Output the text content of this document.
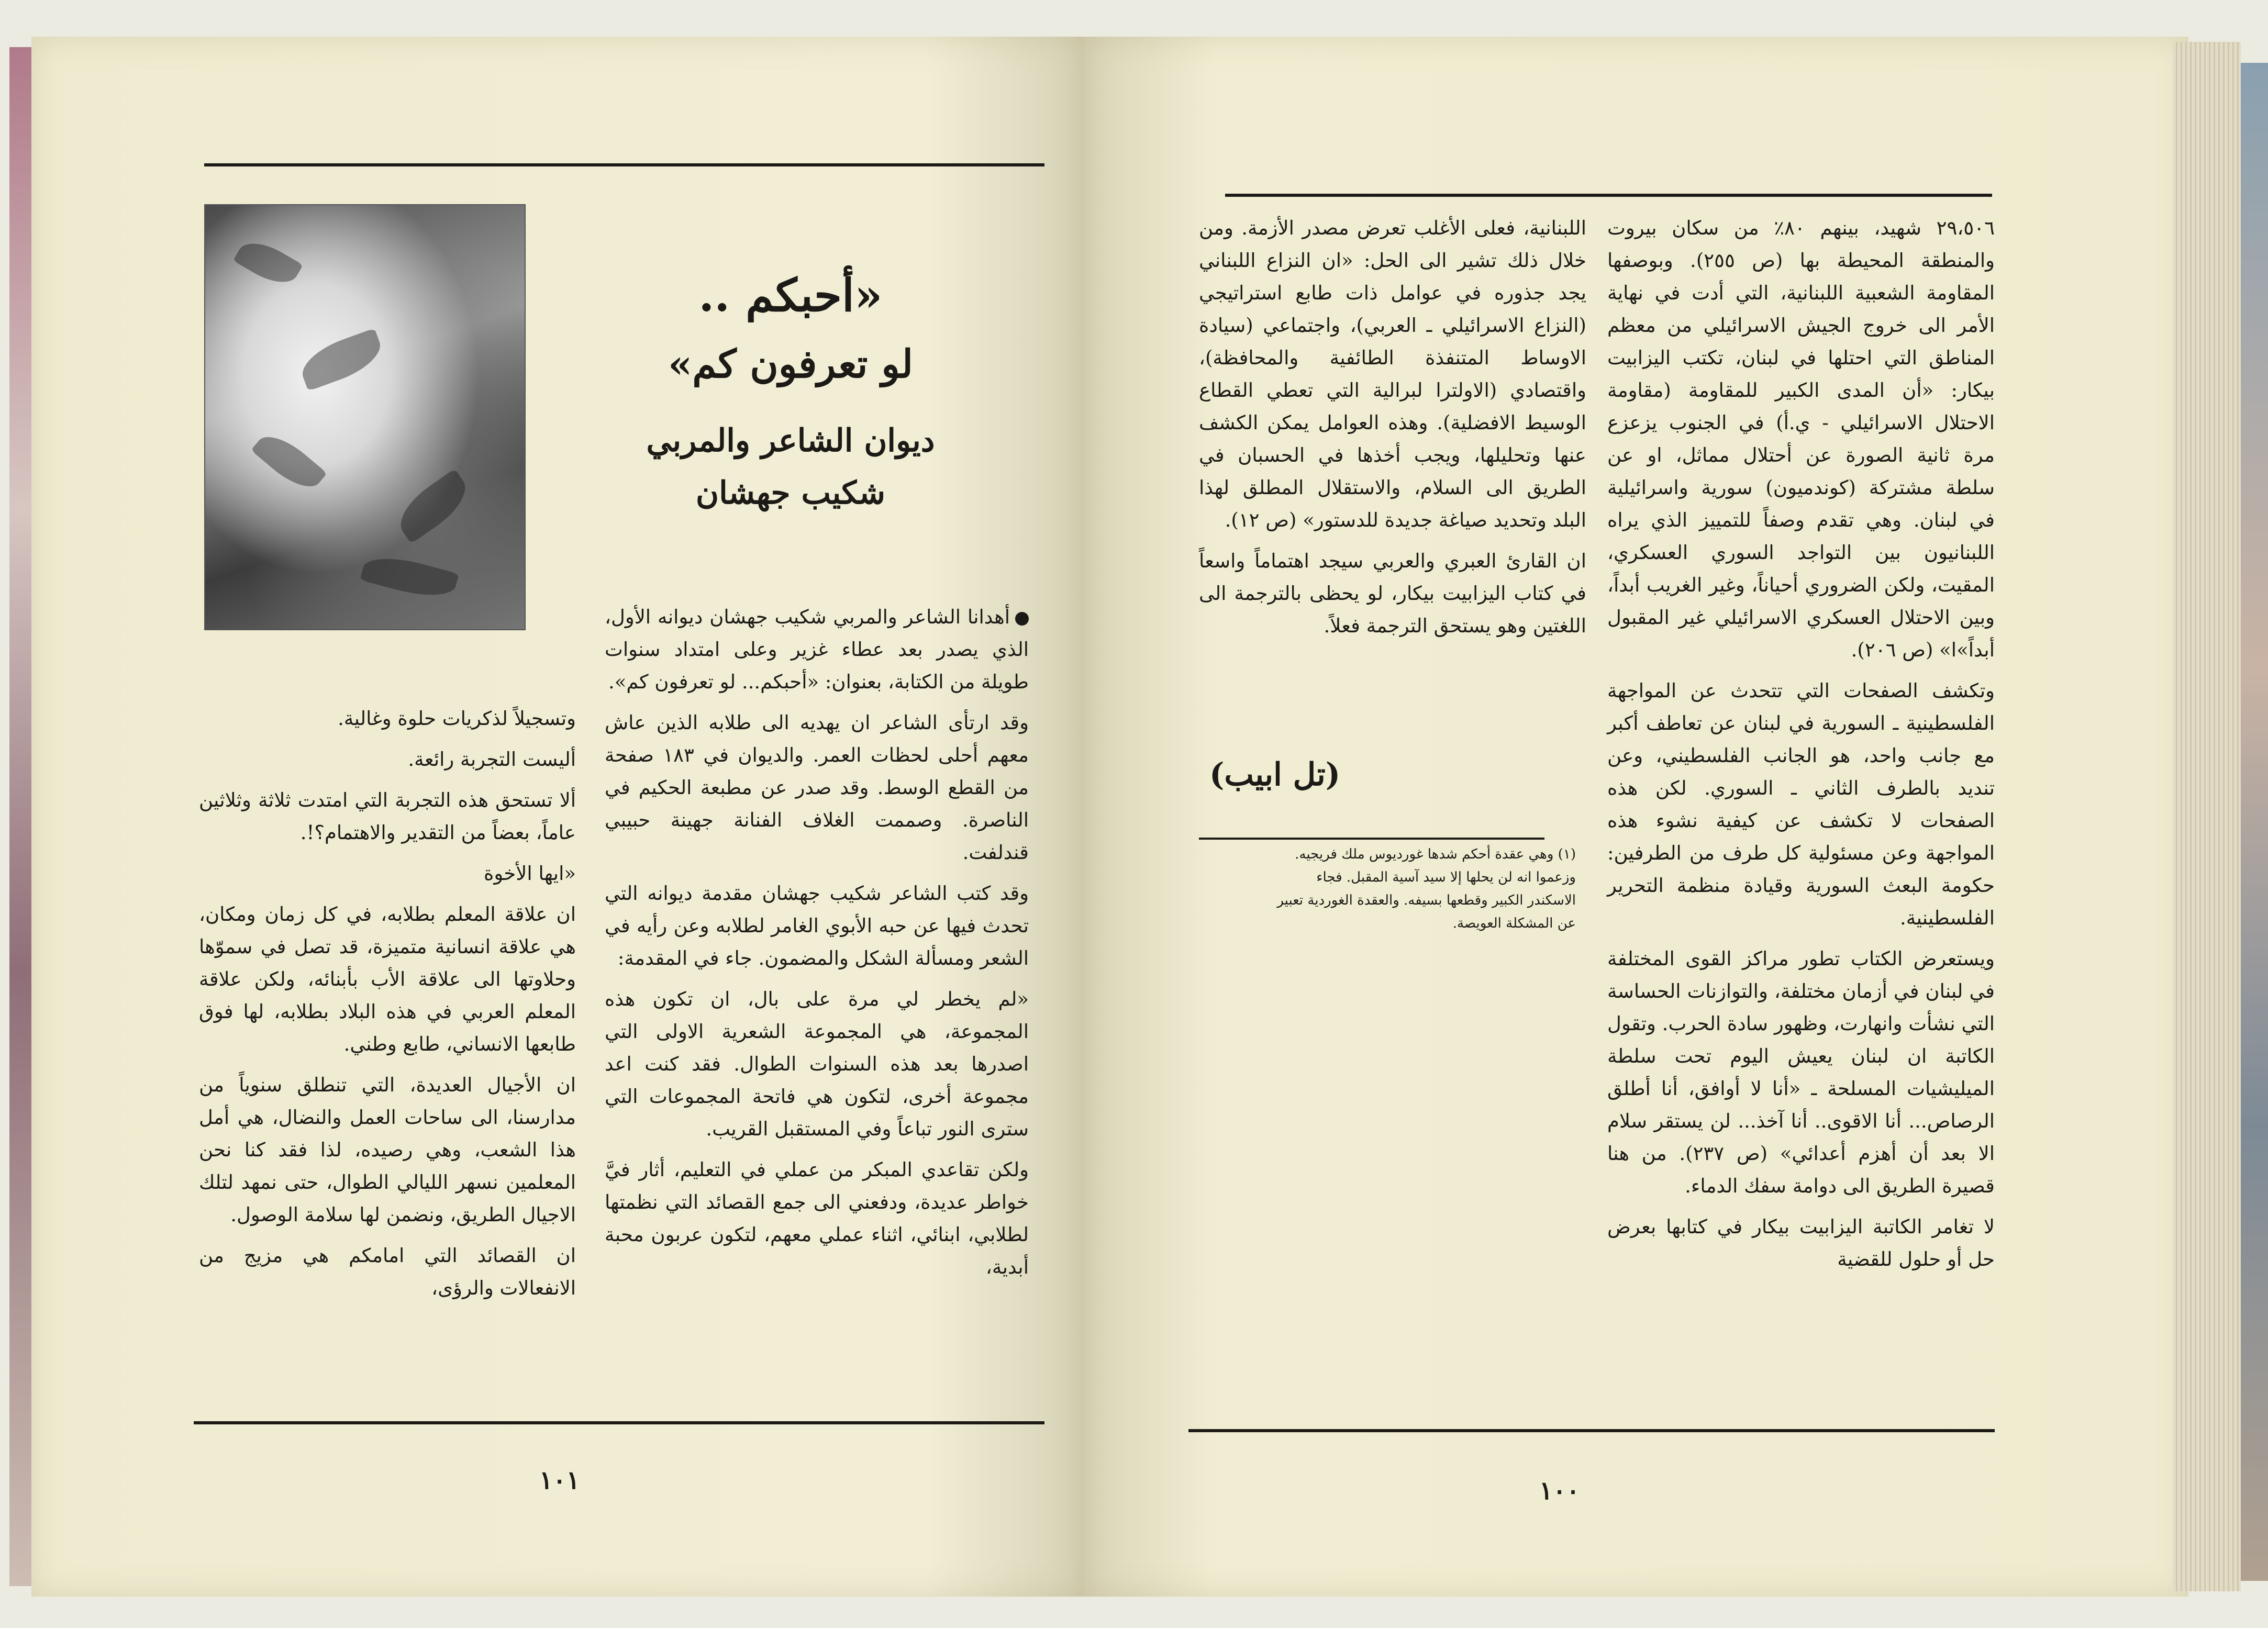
«أحبكم ..
لو تعرفون كم»
ديوان الشاعر والمربي
شكيب جهشان

أهدانا الشاعر والمربي شكيب جهشان ديوانه الأول، الذي يصدر بعد عطاء غزير وعلى امتداد سنوات طويلة من الكتابة، بعنوان: «أحبكم... لو تعرفون كم».

وقد ارتأى الشاعر ان يهديه الى طلابه الذين عاش معهم أحلى لحظات العمر. والديوان في ١٨٣ صفحة من القطع الوسط. وقد صدر عن مطبعة الحكيم في الناصرة. وصممت الغلاف الفنانة جهينة حبيبي قندلفت.

وقد كتب الشاعر شكيب جهشان مقدمة ديوانه التي تحدث فيها عن حبه الأبوي الغامر لطلابه وعن رأيه في الشعر ومسألة الشكل والمضمون. جاء في المقدمة:

«لم يخطر لي مرة على بال، ان تكون هذه المجموعة، هي المجموعة الشعرية الاولى التي اصدرها بعد هذه السنوات الطوال. فقد كنت اعد مجموعة أخرى، لتكون هي فاتحة المجموعات التي سترى النور تباعاً وفي المستقبل القريب.

ولكن تقاعدي المبكر من عملي في التعليم، أثار فيَّ خواطر عديدة، ودفعني الى جمع القصائد التي نظمتها لطلابي، ابنائي، اثناء عملي معهم، لتكون عربون محبة أبدية،

وتسجيلاً لذكريات حلوة وغالية.

أليست التجربة رائعة.

ألا تستحق هذه التجربة التي امتدت ثلاثة وثلاثين عاماً، بعضاً من التقدير والاهتمام؟!.

«ايها الأخوة

ان علاقة المعلم بطلابه، في كل زمان ومكان، هي علاقة انسانية متميزة، قد تصل في سموّها وحلاوتها الى علاقة الأب بأبنائه، ولكن علاقة المعلم العربي في هذه البلاد بطلابه، لها فوق طابعها الانساني، طابع وطني.

ان الأجيال العديدة، التي تنطلق سنوياً من مدارسنا، الى ساحات العمل والنضال، هي أمل هذا الشعب، وهي رصيده، لذا فقد كنا نحن المعلمين نسهر الليالي الطوال، حتى نمهد لتلك الاجيال الطريق، ونضمن لها سلامة الوصول.

ان القصائد التي امامكم هي مزيج من الانفعالات والرؤى،

١٠١

٢٩،٥٠٦ شهيد، بينهم ٨٠٪ من سكان بيروت والمنطقة المحيطة بها (ص ٢٥٥). وبوصفها المقاومة الشعبية اللبنانية، التي أدت في نهاية الأمر الى خروج الجيش الاسرائيلي من معظم المناطق التي احتلها في لبنان، تكتب اليزابيت بيكار: «أن المدى الكبير للمقاومة (مقاومة الاحتلال الاسرائيلي - ي.أ) في الجنوب يزعزع مرة ثانية الصورة عن أحتلال مماثل، او عن سلطة مشتركة (كوندميون) سورية واسرائيلية في لبنان. وهي تقدم وصفاً للتمييز الذي يراه اللبنانيون بين التواجد السوري العسكري، المقيت، ولكن الضروري أحياناً، وغير الغريب أبداً، وبين الاحتلال العسكري الاسرائيلي غير المقبول أبداً»ا» (ص ٢٠٦).

وتكشف الصفحات التي تتحدث عن المواجهة الفلسطينية ـ السورية في لبنان عن تعاطف أكبر مع جانب واحد، هو الجانب الفلسطيني، وعن تنديد بالطرف الثاني ـ السوري. لكن هذه الصفحات لا تكشف عن كيفية نشوء هذه المواجهة وعن مسئولية كل طرف من الطرفين: حكومة البعث السورية وقيادة منظمة التحرير الفلسطينية.

ويستعرض الكتاب تطور مراكز القوى المختلفة في لبنان في أزمان مختلفة، والتوازنات الحساسة التي نشأت وانهارت، وظهور سادة الحرب. وتقول الكاتبة ان لبنان يعيش اليوم تحت سلطة الميليشيات المسلحة ـ «أنا لا أوافق، أنا أطلق الرصاص... أنا الاقوى.. أنا آخذ... لن يستقر سلام الا بعد أن أهزم أعدائي» (ص ٢٣٧). من هنا قصيرة الطريق الى دوامة سفك الدماء.

لا تغامر الكاتبة اليزابيت بيكار في كتابها بعرض حل أو حلول للقضية

اللبنانية، فعلى الأغلب تعرض مصدر الأزمة. ومن خلال ذلك تشير الى الحل: «ان النزاع اللبناني يجد جذوره في عوامل ذات طابع استراتيجي (النزاع الاسرائيلي ـ العربي)، واجتماعي (سيادة الاوساط المتنفذة الطائفية والمحافظة)، واقتصادي (الاولترا لبرالية التي تعطي القطاع الوسيط الافضلية). وهذه العوامل يمكن الكشف عنها وتحليلها، ويجب أخذها في الحسبان في الطريق الى السلام، والاستقلال المطلق لهذا البلد وتحديد صياغة جديدة للدستور» (ص ١٢).

ان القارئ العبري والعربي سيجد اهتماماً واسعاً في كتاب اليزابيت بيكار، لو يحظى بالترجمة الى اللغتين وهو يستحق الترجمة فعلاً.

(تل ابيب)
(١) وهي عقدة أحكم شدها غورديوس ملك فريجيه.
وزعموا انه لن يحلها إلا سيد آسية المقبل. فجاء
الاسكندر الكبير وقطعها بسيفه. والعقدة الغوردية تعبير
عن المشكلة العويصة.
١٠٠
